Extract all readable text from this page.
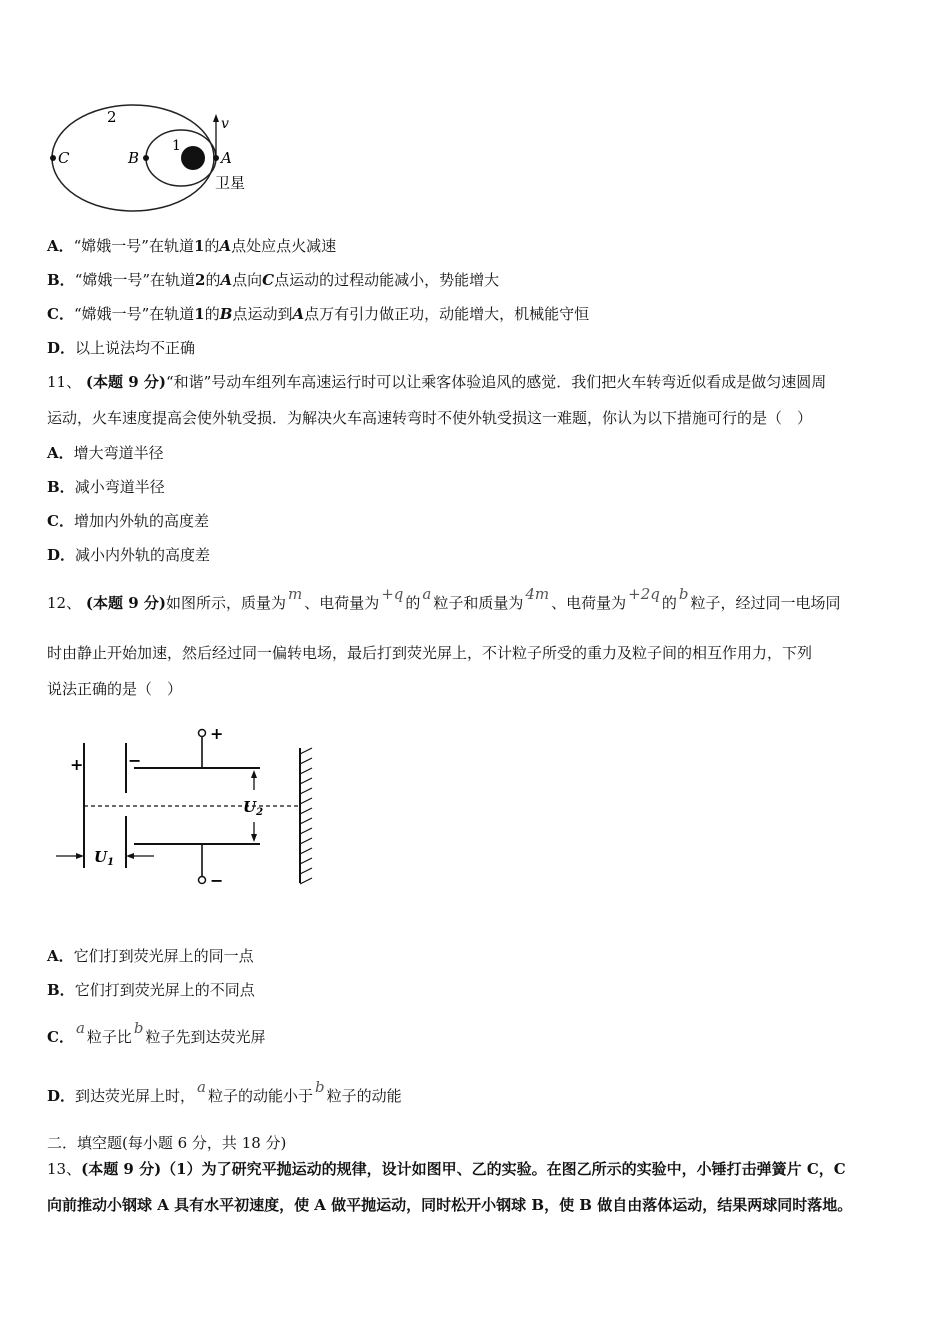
2
1
v
C	B	A
卫星
A．“嫦娥一号”在轨道1的A点处应点火减速
B．“嫦娥一号”在轨道2的A点向C点运动的过程动能减小，势能增大
C．“嫦娥一号”在轨道1的B点运动到A点万有引力做正功，动能增大，机械能守恒
D．以上说法均不正确
11、 (本题 9 分)“和谐”号动车组列车高速运行时可以让乘客体验追风的感觉．我们把火车转弯近似看成是做匀速圆周
运动，火车速度提高会使外轨受损．为解决火车高速转弯时不使外轨受损这一难题，你认为以下措施可行的是（　）
A．增大弯道半径
B．减小弯道半径
C．增加内外轨的高度差
D．减小内外轨的高度差
12、 (本题 9 分)如图所示，质量为 m 、电荷量为 +q 的 a 粒子和质量为 4m 、电荷量为 +2q 的 b 粒子，经过同一电场同
时由静止开始加速，然后经过同一偏转电场，最后打到荧光屏上，不计粒子所受的重力及粒子间的相互作用力，下列
说法正确的是（　）
+	−
+
−
$U_2$
$U_1$
A．它们打到荧光屏上的同一点
B．它们打到荧光屏上的不同点
C． a 粒子比 b 粒子先到达荧光屏
D．到达荧光屏上时， a 粒子的动能小于 b 粒子的动能
二．填空题(每小题 6 分，共 18 分)
13、(本题 9 分)（1）为了研究平抛运动的规律，设计如图甲、乙的实验。在图乙所示的实验中，小锤打击弹簧片 C，C
向前推动小钢球 A 具有水平初速度，使 A 做平抛运动，同时松开小钢球 B，使 B 做自由落体运动，结果两球同时落地。
